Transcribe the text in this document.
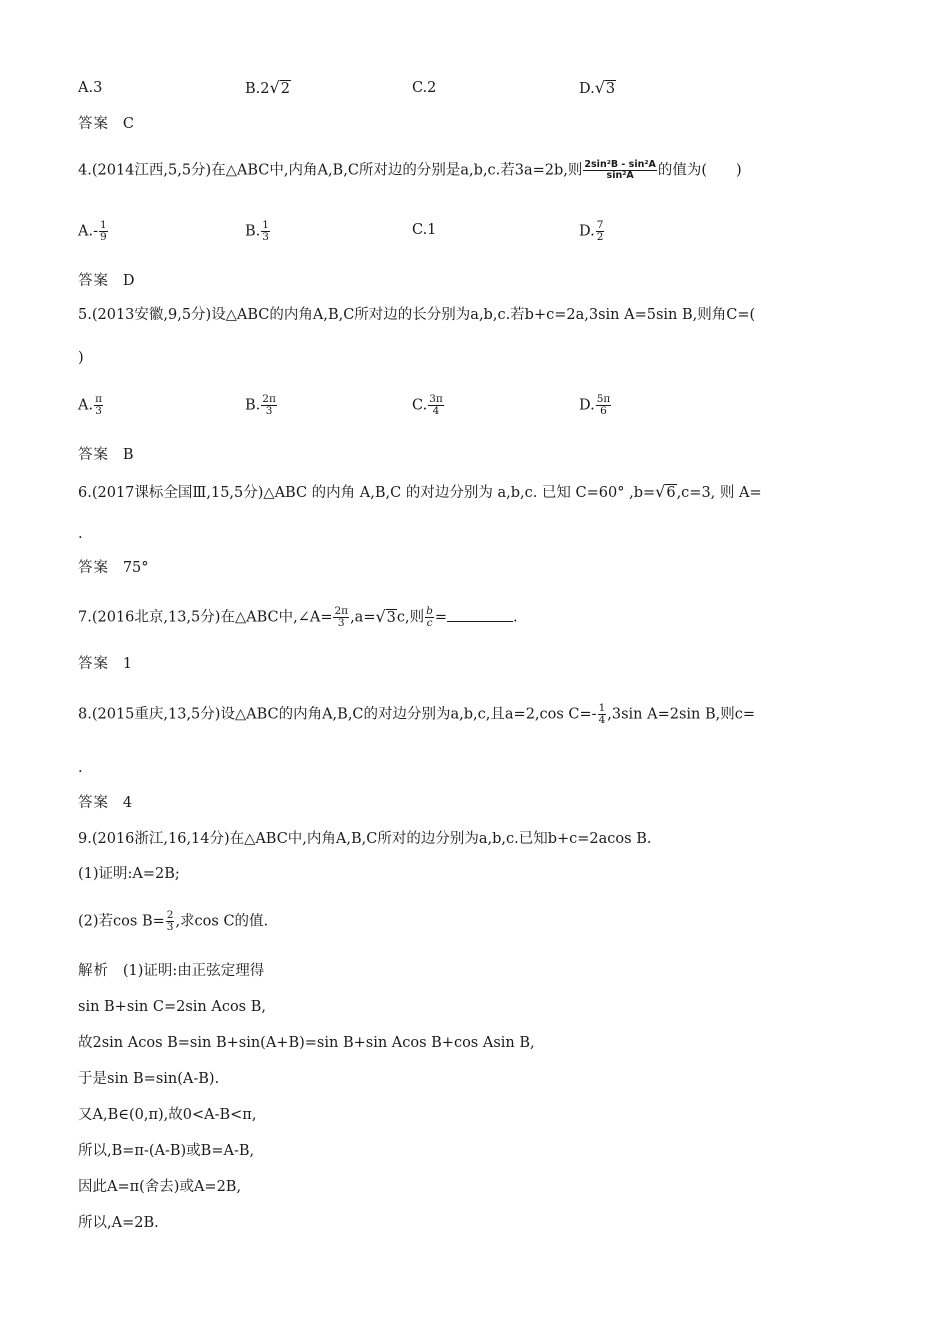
A.3	B.2√2	C.2	D.√3
答案 C
4.(2014江西,5,5分)在△ABC中,内角A,B,C所对边的分别是a,b,c.若3a=2b,则 $\frac{\text{2sin²B - sin²A}}{\text{sin²A}}$ 的值为(　　)
$A.- \frac{1}{9}$	B. $\frac{1}{3}$	C.1	D. $\frac{7}{2}$
答案 D
5.(2013安徽,9,5分)设△ABC的内角A,B,C所对边的长分别为a,b,c.若b+c=2a,3sin A=5sin B,则角C=(
)
A. $\frac{\pi}{3}$	B. $\frac{2\pi}{3}$	C. $\frac{3\pi}{4}$	D. $\frac{5\pi}{6}$
答案 B
6.(2017课标全国Ⅲ,15,5分)△ABC 的内角 A,B,C 的对边分别为 a,b,c. 已知 C=60° ,b=√6,c=3, 则 A=
.
答案 75°
7.(2016北京,13,5分)在△ABC中,∠A= $\frac{2\pi}{3} ,a=√3c$,则 $\frac{b}{c}$ =	.
答案 1
8.(2015重庆,13,5分)设△ABC的内角A,B,C的对边分别为a,b,c,且a=2,cos $C=- \frac{1}{4} ,3\sin$ A=2sin B,则c=
.
答案 4
9.(2016浙江,16,14分)在△ABC中,内角A,B,C所对的边分别为a,b,c.已知b+c=2acos B.
(1)证明:A=2B;
(2)若$\cos B= \frac{2}{3}$ ,求cos C的值.
解析 (1)证明:由正弦定理得
sin B+sin C=2sin Acos B,
故2sin Acos B=sin B+sin(A+B)=sin B+sin Acos B+cos Asin B,
于是sin B=sin(A-B).
又A,B∈(0,π),故0<A-B<π,
所以,B=π-(A-B)或B=A-B,
因此A=π(舍去)或A=2B,
所以,A=2B.
